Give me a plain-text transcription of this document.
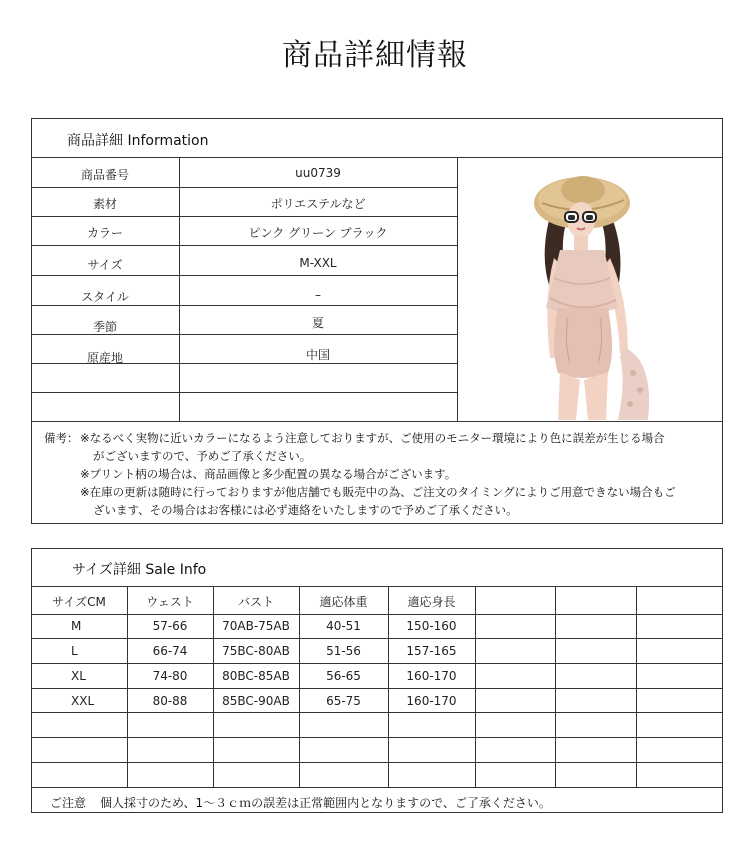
商品詳細情報
商品詳細 Information
商品番号	uu0739
素材	ポリエステルなど
カラー	ピンク グリーン ブラック
サイズ	M-XXL
スタイル	–
季節	夏
原産地	中国
備考： ※なるべく実物に近いカラーになるよう注意しておりますが、ご使用のモニター環境により色に誤差が生じる場合
がございますので、予めご了承ください。
※プリント柄の場合は、商品画像と多少配置の異なる場合がございます。
※在庫の更新は随時に行っておりますが他店舗でも販売中の為、ご注文のタイミングによりご用意できない場合もご
ざいます、その場合はお客様には必ず連絡をいたしますので予めご了承ください。
サイズ詳細 Sale Info
サイズCM	ウェスト	バスト	適応体重	適応身長
M	57-66	70AB-75AB	40-51	150-160
L	66-74	75BC-80AB	51-56	157-165
XL	74-80	80BC-85AB	56-65	160-170
XXL	80-88	85BC-90AB	65-75	160-170
ご注意 個人採寸のため、1～３ｃｍの誤差は正常範囲内となりますので、ご了承ください。
